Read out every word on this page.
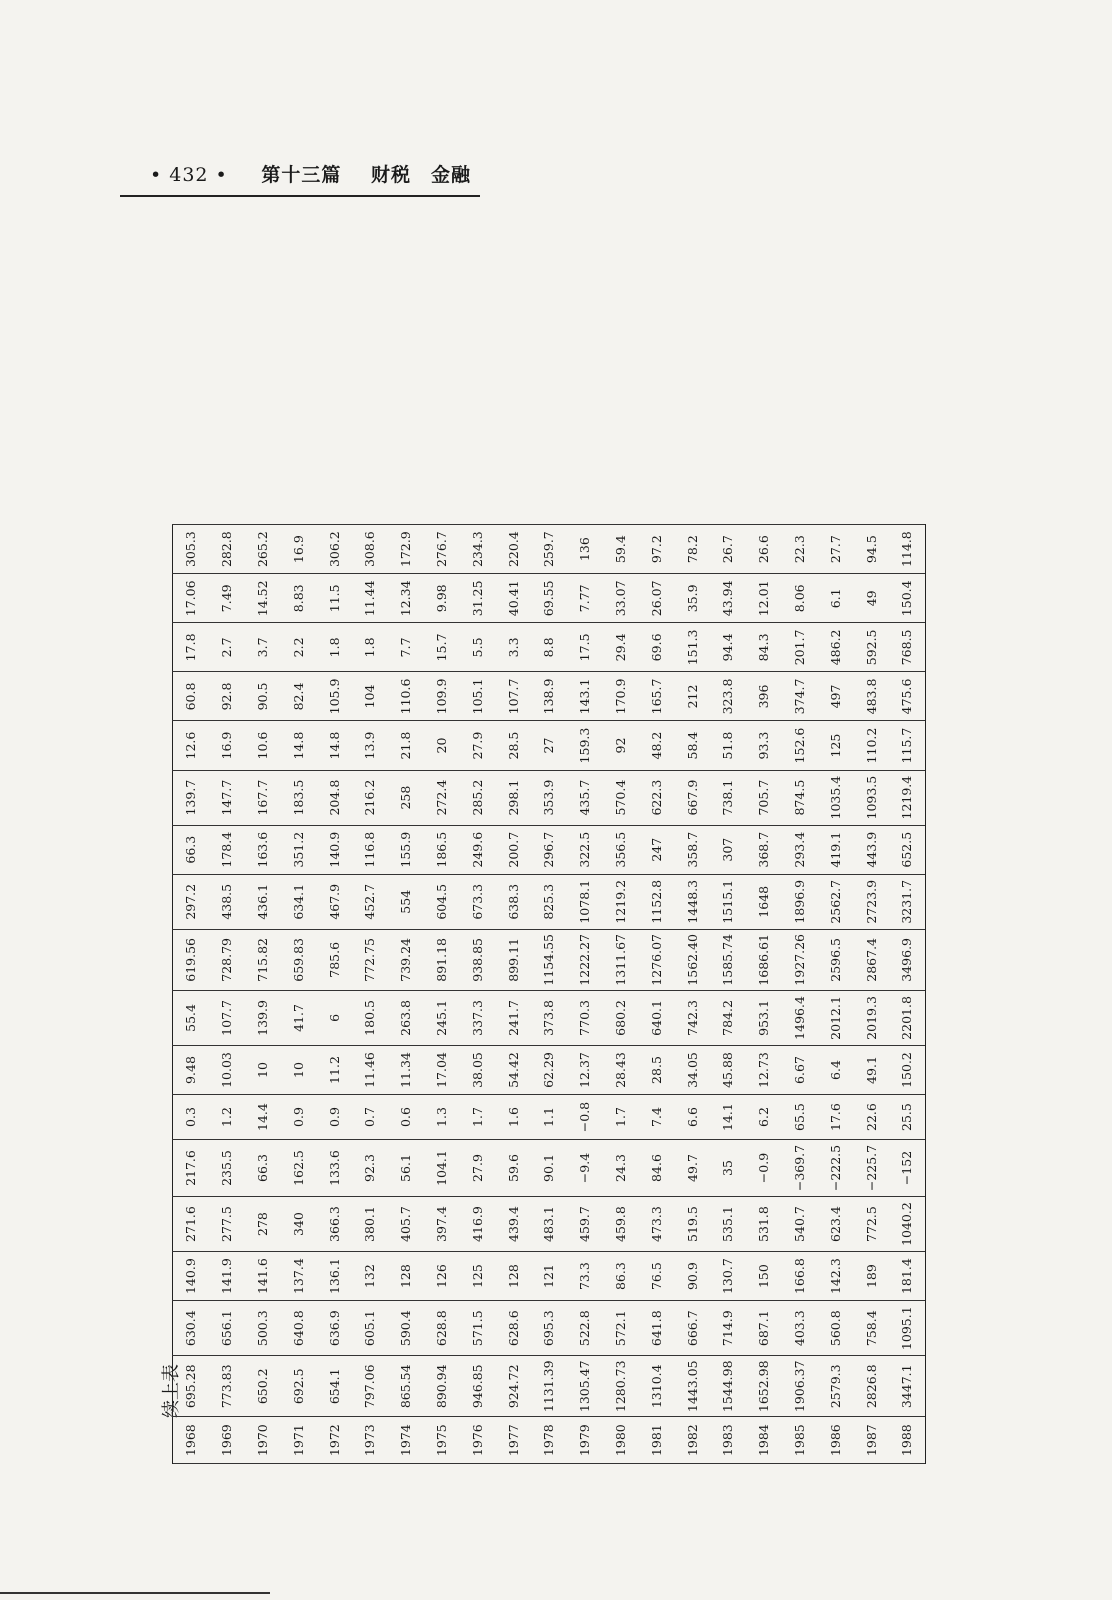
• 432 • 第十三篇 财税　金融
续上表
1968	695.28	630.4	140.9	271.6	217.6	0.3	9.48	55.4	619.56	297.2	66.3	139.7	12.6	60.8	17.8	17.06	305.3
1969	773.83	656.1	141.9	277.5	235.5	1.2	10.03	107.7	728.79	438.5	178.4	147.7	16.9	92.8	2.7	7.49	282.8
1970	650.2	500.3	141.6	278	66.3	14.4	10	139.9	715.82	436.1	163.6	167.7	10.6	90.5	3.7	14.52	265.2
1971	692.5	640.8	137.4	340	162.5	0.9	10	41.7	659.83	634.1	351.2	183.5	14.8	82.4	2.2	8.83	16.9
1972	654.1	636.9	136.1	366.3	133.6	0.9	11.2	6	785.6	467.9	140.9	204.8	14.8	105.9	1.8	11.5	306.2
1973	797.06	605.1	132	380.1	92.3	0.7	11.46	180.5	772.75	452.7	116.8	216.2	13.9	104	1.8	11.44	308.6
1974	865.54	590.4	128	405.7	56.1	0.6	11.34	263.8	739.24	554	155.9	258	21.8	110.6	7.7	12.34	172.9
1975	890.94	628.8	126	397.4	104.1	1.3	17.04	245.1	891.18	604.5	186.5	272.4	20	109.9	15.7	9.98	276.7
1976	946.85	571.5	125	416.9	27.9	1.7	38.05	337.3	938.85	673.3	249.6	285.2	27.9	105.1	5.5	31.25	234.3
1977	924.72	628.6	128	439.4	59.6	1.6	54.42	241.7	899.11	638.3	200.7	298.1	28.5	107.7	3.3	40.41	220.4
1978	1131.39	695.3	121	483.1	90.1	1.1	62.29	373.8	1154.55	825.3	296.7	353.9	27	138.9	8.8	69.55	259.7
1979	1305.47	522.8	73.3	459.7	−9.4	−0.8	12.37	770.3	1222.27	1078.1	322.5	435.7	159.3	143.1	17.5	7.77	136
1980	1280.73	572.1	86.3	459.8	24.3	1.7	28.43	680.2	1311.67	1219.2	356.5	570.4	92	170.9	29.4	33.07	59.4
1981	1310.4	641.8	76.5	473.3	84.6	7.4	28.5	640.1	1276.07	1152.8	247	622.3	48.2	165.7	69.6	26.07	97.2
1982	1443.05	666.7	90.9	519.5	49.7	6.6	34.05	742.3	1562.40	1448.3	358.7	667.9	58.4	212	151.3	35.9	78.2
1983	1544.98	714.9	130.7	535.1	35	14.1	45.88	784.2	1585.74	1515.1	307	738.1	51.8	323.8	94.4	43.94	26.7
1984	1652.98	687.1	150	531.8	−0.9	6.2	12.73	953.1	1686.61	1648	368.7	705.7	93.3	396	84.3	12.01	26.6
1985	1906.37	403.3	166.8	540.7	−369.7	65.5	6.67	1496.4	1927.26	1896.9	293.4	874.5	152.6	374.7	201.7	8.06	22.3
1986	2579.3	560.8	142.3	623.4	−222.5	17.6	6.4	2012.1	2596.5	2562.7	419.1	1035.4	125	497	486.2	6.1	27.7
1987	2826.8	758.4	189	772.5	−225.7	22.6	49.1	2019.3	2867.4	2723.9	443.9	1093.5	110.2	483.8	592.5	49	94.5
1988	3447.1	1095.1	181.4	1040.2	−152	25.5	150.2	2201.8	3496.9	3231.7	652.5	1219.4	115.7	475.6	768.5	150.4	114.8
